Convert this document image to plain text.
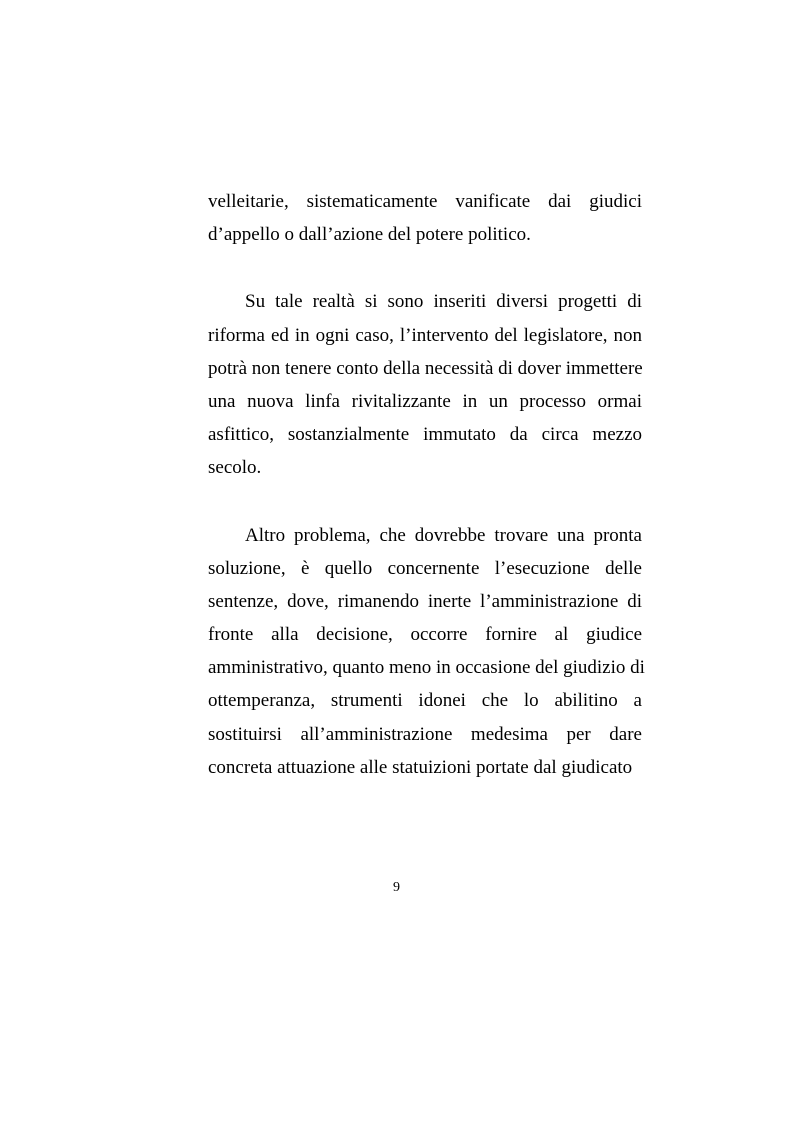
velleitarie, sistematicamente vanificate dai giudici
d’appello o dall’azione del potere politico.
Su tale realtà si sono inseriti diversi progetti di
riforma ed in ogni caso, l’intervento del legislatore, non
potrà non tenere conto della necessità di dover immettere
una nuova linfa rivitalizzante in un processo ormai
asfittico, sostanzialmente immutato da circa mezzo
secolo.
Altro problema, che dovrebbe trovare una pronta
soluzione, è quello concernente l’esecuzione delle
sentenze, dove, rimanendo inerte l’amministrazione di
fronte alla decisione, occorre fornire al giudice
amministrativo, quanto meno in occasione del giudizio di
ottemperanza, strumenti idonei che lo abilitino a
sostituirsi all’amministrazione medesima per dare
concreta attuazione alle statuizioni portate dal giudicato
9
